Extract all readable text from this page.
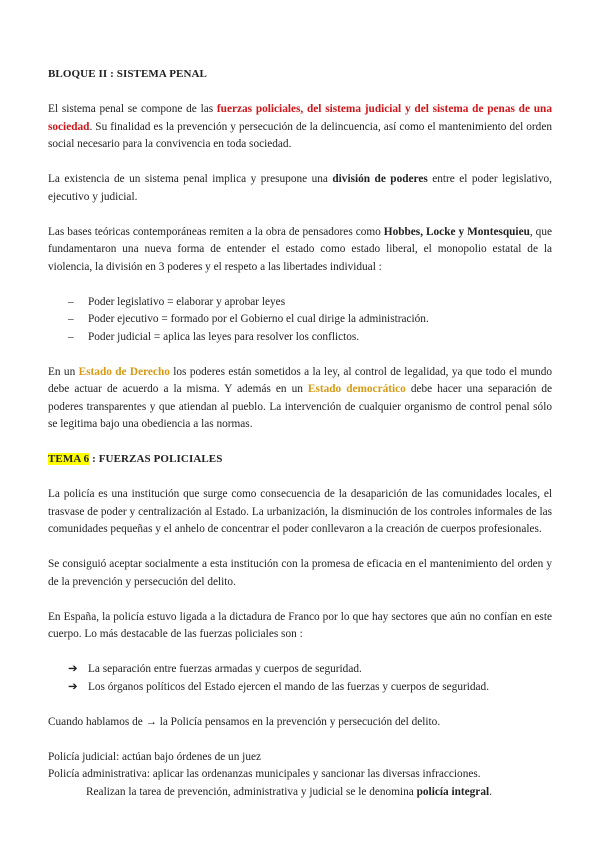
BLOQUE II : SISTEMA PENAL

El sistema penal se compone de las fuerzas policiales, del sistema judicial y del sistema de penas de una sociedad. Su finalidad es la prevención y persecución de la delincuencia, así como el mantenimiento del orden social necesario para la convivencia en toda sociedad.

La existencia de un sistema penal implica y presupone una división de poderes entre el poder legislativo, ejecutivo y judicial.

Las bases teóricas contemporáneas remiten a la obra de pensadores como Hobbes, Locke y Montesquieu, que fundamentaron una nueva forma de entender el estado como estado liberal, el monopolio estatal de la violencia, la división en 3 poderes y el respeto a las libertades individual :

– Poder legislativo = elaborar y aprobar leyes
– Poder ejecutivo = formado por el Gobierno el cual dirige la administración.
– Poder judicial = aplica las leyes para resolver los conflictos.

En un Estado de Derecho los poderes están sometidos a la ley, al control de legalidad, ya que todo el mundo debe actuar de acuerdo a la misma. Y además en un Estado democrático debe hacer una separación de poderes transparentes y que atiendan al pueblo. La intervención de cualquier organismo de control penal sólo se legitima bajo una obediencia a las normas.

TEMA 6 : FUERZAS POLICIALES

La policía es una institución que surge como consecuencia de la desaparición de las comunidades locales, el trasvase de poder y centralización al Estado. La urbanización, la disminución de los controles informales de las comunidades pequeñas y el anhelo de concentrar el poder conllevaron a la creación de cuerpos profesionales.

Se consiguió aceptar socialmente a esta institución con la promesa de eficacia en el mantenimiento del orden y de la prevención y persecución del delito.

En España, la policía estuvo ligada a la dictadura de Franco por lo que hay sectores que aún no confían en este cuerpo. Lo más destacable de las fuerzas policiales son :

➔ La separación entre fuerzas armadas y cuerpos de seguridad.
➔ Los órganos políticos del Estado ejercen el mando de las fuerzas y cuerpos de seguridad.

Cuando hablamos de → la Policía pensamos en la prevención y persecución del delito.

Policía judicial: actúan bajo órdenes de un juez

Policía administrativa: aplicar las ordenanzas municipales y sancionar las diversas infracciones.

Realizan la tarea de prevención, administrativa y judicial se le denomina policía integral.
